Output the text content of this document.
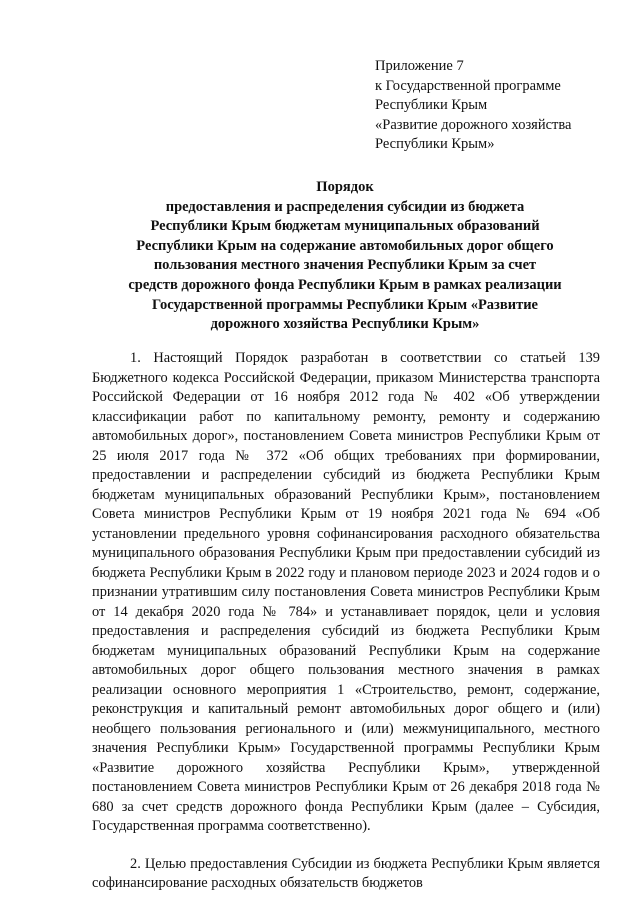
Приложение 7
к Государственной программе
Республики Крым
«Развитие дорожного хозяйства
Республики Крым»
Порядок
предоставления и распределения субсидии из бюджета
Республики Крым бюджетам муниципальных образований
Республики Крым на содержание автомобильных дорог общего
пользования местного значения Республики Крым за счет
средств дорожного фонда Республики Крым в рамках реализации
Государственной программы Республики Крым «Развитие
дорожного хозяйства Республики Крым»

1. Настоящий Порядок разработан в соответствии со статьей 139 Бюджетного кодекса Российской Федерации, приказом Министерства транспорта Российской Федерации от 16 ноября 2012 года № 402 «Об утверждении классификации работ по капитальному ремонту, ремонту и содержанию автомобильных дорог», постановлением Совета министров Республики Крым от 25 июля 2017 года № 372 «Об общих требованиях при формировании, предоставлении и распределении субсидий из бюджета Республики Крым бюджетам муниципальных образований Республики Крым», постановлением Совета министров Республики Крым от 19 ноября 2021 года № 694 «Об установлении предельного уровня софинансирования расходного обязательства муниципального образования Республики Крым при предоставлении субсидий из бюджета Республики Крым в 2022 году и плановом периоде 2023 и 2024 годов и о признании утратившим силу постановления Совета министров Республики Крым от 14 декабря 2020 года № 784» и устанавливает порядок, цели и условия предоставления и распределения субсидий из бюджета Республики Крым бюджетам муниципальных образований Республики Крым на содержание автомобильных дорог общего пользования местного значения в рамках реализации основного мероприятия 1 «Строительство, ремонт, содержание, реконструкция и капитальный ремонт автомобильных дорог общего и (или) необщего пользования регионального и (или) межмуниципального, местного значения Республики Крым» Государственной программы Республики Крым «Развитие дорожного хозяйства Республики Крым», утвержденной постановлением Совета министров Республики Крым от 26 декабря 2018 года № 680 за счет средств дорожного фонда Республики Крым (далее – Субсидия, Государственная программа соответственно).

2. Целью предоставления Субсидии из бюджета Республики Крым является софинансирование расходных обязательств бюджетов
